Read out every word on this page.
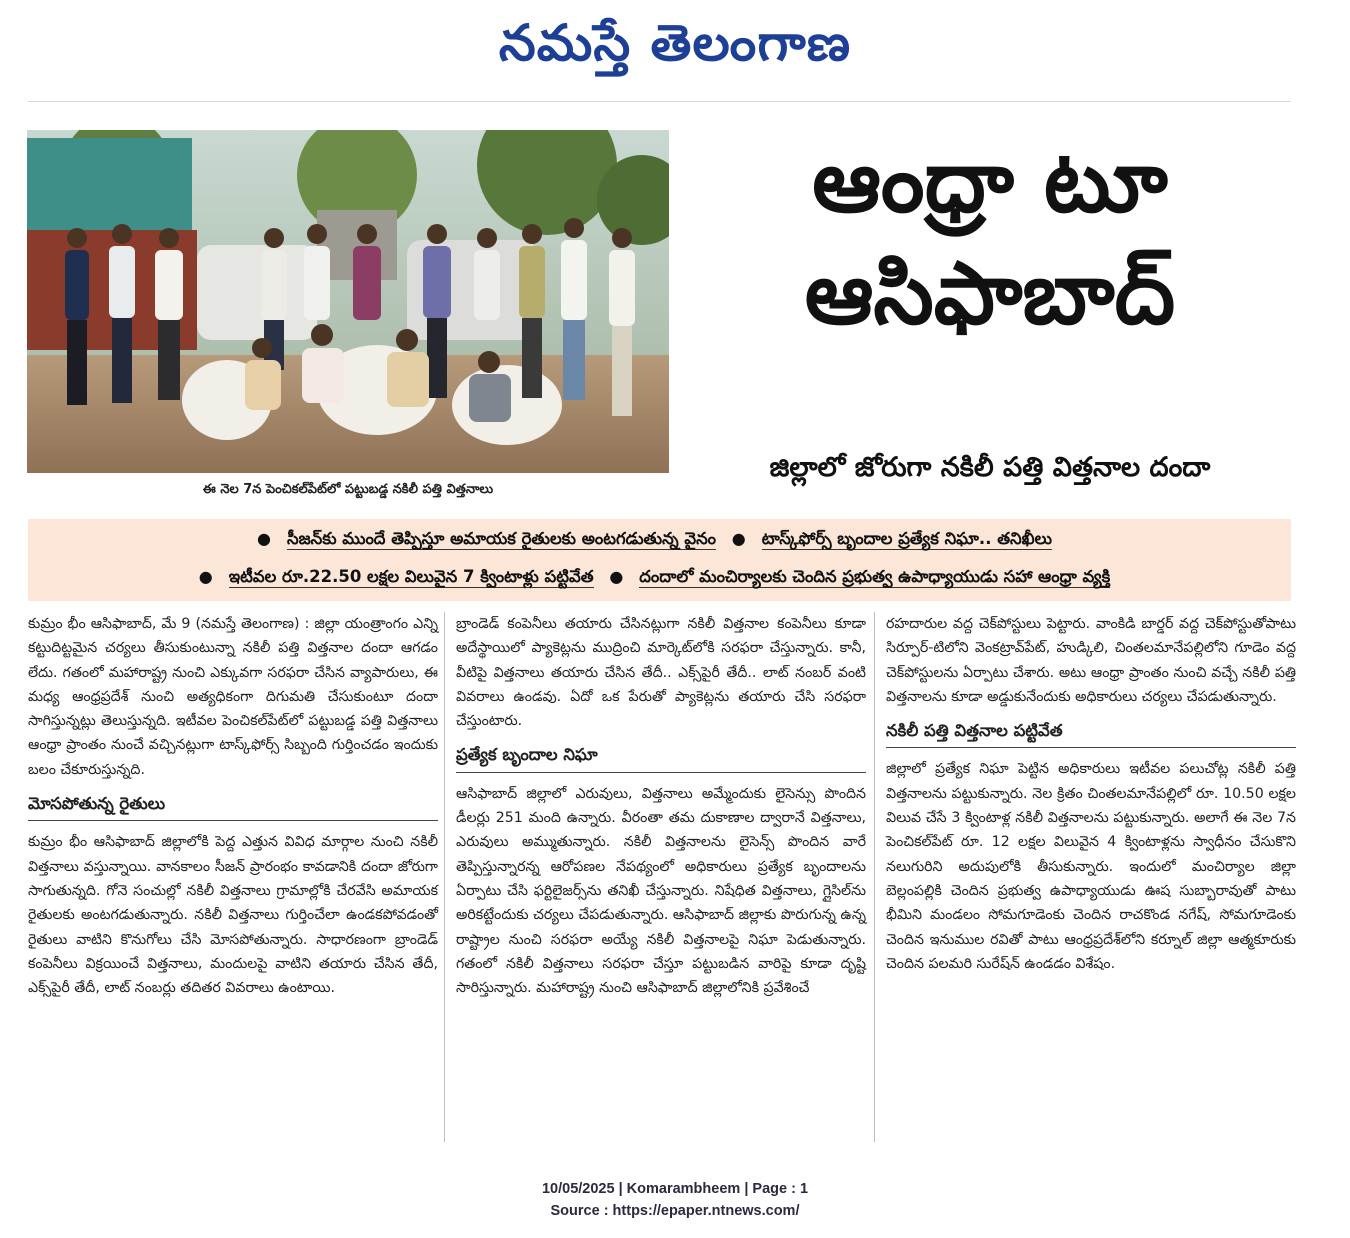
నమస్తే తెలంగాణ
ఈ నెల 7న పెంచికల్‌పేట్‌లో పట్టుబడ్డ నకిలీ పత్తి విత్తనాలు
ఆంధ్రా టూ
ఆసిఫాబాద్‌
జిల్లాలో జోరుగా నకిలీ పత్తి విత్తనాల దందా
● సీజన్‌కు ముందే తెప్పిస్తూ అమాయక రైతులకు అంటగడుతున్న వైనం ● టాస్క్‌ఫోర్స్‌ బృందాల ప్రత్యేక నిఘా.. తనిఖీలు
● ఇటీవల రూ.22.50 లక్షల విలువైన 7 క్వింటాళ్లు పట్టివేత ● దందాలో మంచిర్యాలకు చెందిన ప్రభుత్వ ఉపాధ్యాయుడు సహా ఆంధ్రా వ్యక్తి

కుమ్రం భీం ఆసిఫాబాద్‌, మే 9 (నమస్తే తెలంగాణ) : జిల్లా యంత్రాంగం ఎన్ని కట్టుదిట్టమైన చర్యలు తీసుకుంటున్నా నకిలీ పత్తి విత్తనాల దందా ఆగడం లేదు. గతంలో మహారాష్ట్ర నుంచి ఎక్కువగా సరఫరా చేసిన వ్యాపారులు, ఈ మధ్య ఆంధ్రప్రదేశ్‌ నుంచి అత్యధికంగా దిగుమతి చేసుకుంటూ దందా సాగిస్తున్నట్లు తెలుస్తున్నది. ఇటీవల పెంచికల్‌పేట్‌లో పట్టుబడ్డ పత్తి విత్తనాలు ఆంధ్రా ప్రాంతం నుంచే వచ్చినట్లుగా టాస్క్‌ఫోర్స్‌ సిబ్బంది గుర్తించడం ఇందుకు బలం చేకూరుస్తున్నది.

మోసపోతున్న రైతులు

కుమ్రం భీం ఆసిఫాబాద్‌ జిల్లాలోకి పెద్ద ఎత్తున వివిధ మార్గాల నుంచి నకిలీ విత్తనాలు వస్తున్నాయి. వానకాలం సీజన్‌ ప్రారంభం కావడానికి దందా జోరుగా సాగుతున్నది. గోనె సంచుల్లో నకిలీ విత్తనాలు గ్రామాల్లోకి చేరవేసి అమాయక రైతులకు అంటగడుతున్నారు. నకిలీ విత్తనాలు గుర్తించేలా ఉండకపోవడంతో రైతులు వాటిని కొనుగోలు చేసి మోసపోతున్నారు. సాధారణంగా బ్రాండెడ్‌ కంపెనీలు విక్రయించే విత్తనాలు, మందులపై వాటిని తయారు చేసిన తేదీ, ఎక్స్‌పైరీ తేదీ, లాట్‌ నంబర్లు తదితర వివరాలు ఉంటాయి.

బ్రాండెడ్‌ కంపెనీలు తయారు చేసినట్లుగా నకిలీ విత్తనాల కంపెనీలు కూడా అదేస్థాయిలో ప్యాకెట్లను ముద్రించి మార్కెట్‌లోకి సరఫరా చేస్తున్నారు. కానీ, వీటిపై విత్తనాలు తయారు చేసిన తేదీ.. ఎక్స్‌పైరీ తేదీ.. లాట్‌ నంబర్‌ వంటి వివరాలు ఉండవు. ఏదో ఒక పేరుతో ప్యాకెట్లను తయారు చేసి సరఫరా చేస్తుంటారు.

ప్రత్యేక బృందాల నిఘా

ఆసిఫాబాద్‌ జిల్లాలో ఎరువులు, విత్తనాలు అమ్మేందుకు లైసెన్సు పొందిన డీలర్లు 251 మంది ఉన్నారు. వీరంతా తమ దుకాణాల ద్వారానే విత్తనాలు, ఎరువులు అమ్ముతున్నారు. నకిలీ విత్తనాలను లైసెన్స్‌ పొందిన వారే తెప్పిస్తున్నారన్న ఆరోపణల నేపథ్యంలో అధికారులు ప్రత్యేక బృందాలను ఏర్పాటు చేసి ఫర్టిలైజర్స్‌ను తనిఖీ చేస్తున్నారు. నిషేధిత విత్తనాలు, గ్లైసిల్‌ను అరికట్టేందుకు చర్యలు చేపడుతున్నారు. ఆసిఫాబాద్‌ జిల్లాకు పొరుగున్న ఉన్న రాష్ట్రాల నుంచి సరఫరా అయ్యే నకిలీ విత్తనాలపై నిఘా పెడుతున్నారు. గతంలో నకిలీ విత్తనాలు సరఫరా చేస్తూ పట్టుబడిన వారిపై కూడా దృష్టి సారిస్తున్నారు. మహారాష్ట్ర నుంచి ఆసిఫాబాద్‌ జిల్లాలోనికి ప్రవేశించే

రహదారుల వద్ద చెక్‌పోస్టులు పెట్టారు. వాంకిడి బార్డర్‌ వద్ద చెక్‌పోస్టుతోపాటు సిర్పూర్‌-టిలోని వెంకట్రావ్‌పేట్‌, హుడ్కిలి, చింతలమానేపల్లిలోని గూడెం వద్ద చెక్‌పోస్టులను ఏర్పాటు చేశారు. అటు ఆంధ్రా ప్రాంతం నుంచి వచ్చే నకిలీ పత్తి విత్తనాలను కూడా అడ్డుకునేందుకు అధికారులు చర్యలు చేపడుతున్నారు.

నకిలీ పత్తి విత్తనాల పట్టివేత

జిల్లాలో ప్రత్యేక నిఘా పెట్టిన అధికారులు ఇటీవల పలుచోట్ల నకిలీ పత్తి విత్తనాలను పట్టుకున్నారు. నెల క్రితం చింతలమానేపల్లిలో రూ. 10.50 లక్షల విలువ చేసే 3 క్వింటాళ్ల నకిలీ విత్తనాలను పట్టుకున్నారు. అలాగే ఈ నెల 7న పెంచికల్‌పేట్‌ రూ. 12 లక్షల విలువైన 4 క్వింటాళ్లను స్వాధీనం చేసుకొని నలుగురిని అదుపులోకి తీసుకున్నారు. ఇందులో మంచిర్యాల జిల్లా బెల్లంపల్లికి చెందిన ప్రభుత్వ ఉపాధ్యాయుడు ఊష సుబ్బారావుతో పాటు భీమిని మండలం సోమగూడెంకు చెందిన రాచకొండ నగేష్‌, సోమగూడెంకు చెందిన ఇనుముల రవితో పాటు ఆంధ్రప్రదేశ్‌లోని కర్నూల్‌ జిల్లా ఆత్మకూరుకు చెందిన పలమరి సురేష్‌న్‌ ఉండడం విశేషం.

10/05/2025 | Komarambheem | Page : 1
Source : https://epaper.ntnews.com/
